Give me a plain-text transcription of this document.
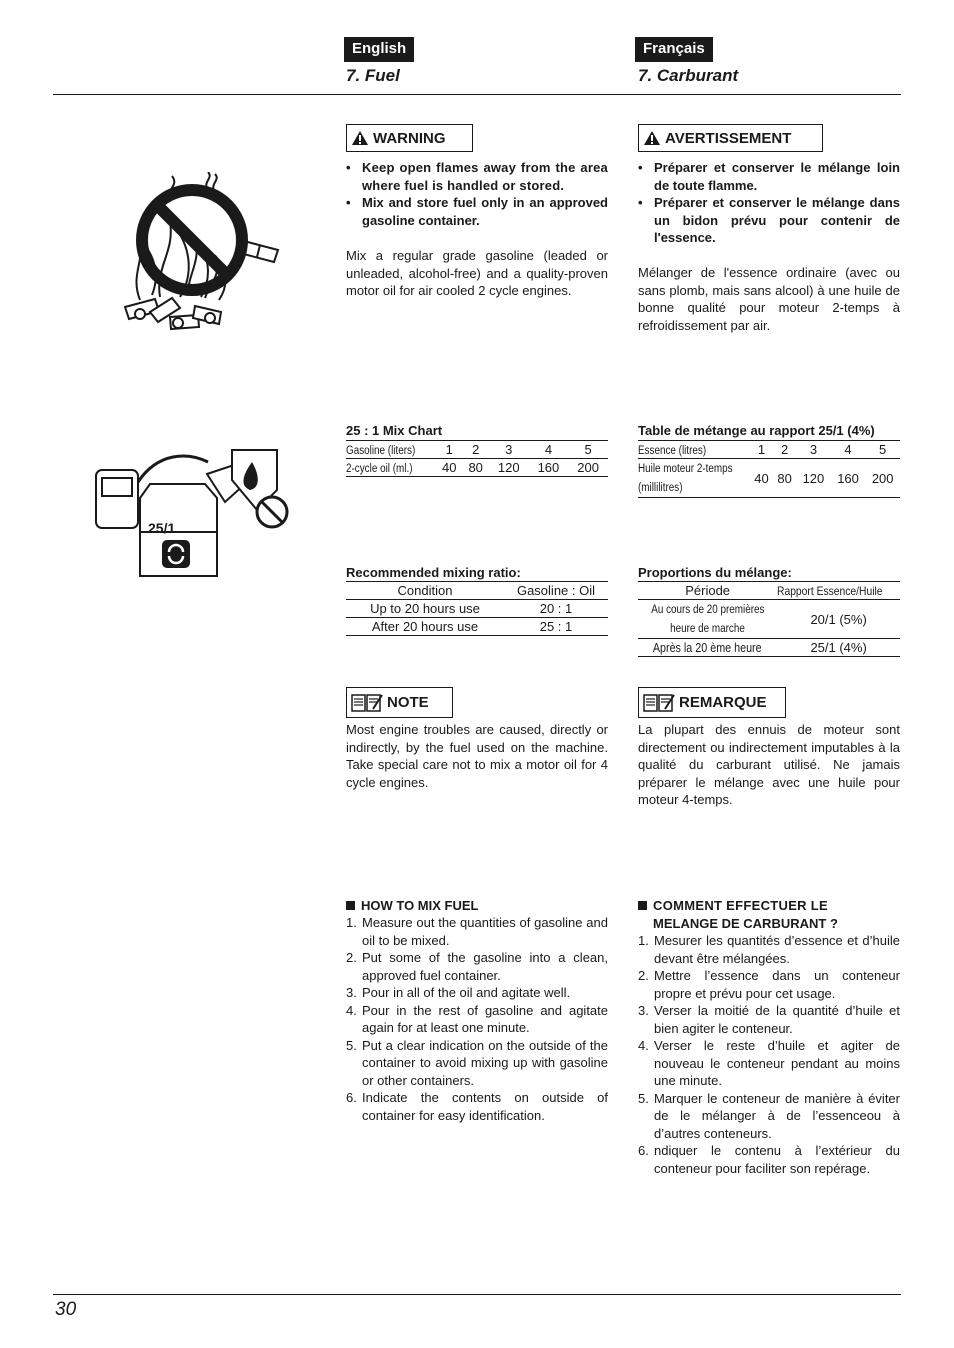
English	Français
7. Fuel	7. Carburant
25/1
WARNING
• Keep open flames away from the area where fuel is handled or stored.
• Mix and store fuel only in an approved gasoline container.
Mix a regular grade gasoline (leaded or unleaded, alcohol-free) and a quality-proven motor oil for air cooled 2 cycle engines.
25 : 1 Mix Chart
Gasoline (liters)	1	2	3	4	5
2-cycle oil (ml.)	40	80	120	160	200
Recommended mixing ratio:
Condition	Gasoline : Oil
Up to 20 hours use	20 : 1
After 20 hours use	25 : 1
NOTE
Most engine troubles are caused, directly or indirectly, by the fuel used on the machine. Take special care not to mix a motor oil for 4 cycle engines.
HOW TO MIX FUEL
1. Measure out the quantities of gasoline and oil to be mixed.
2. Put some of the gasoline into a clean, approved fuel container.
3. Pour in all of the oil and agitate well.
4. Pour in the rest of gasoline and agitate again for at least one minute.
5. Put a clear indication on the outside of the container to avoid mixing up with gasoline or other containers.
6. Indicate the contents on outside of container for easy identification.
AVERTISSEMENT
• Préparer et conserver le mélange loin de toute flamme.
• Préparer et conserver le mélange dans un bidon prévu pour contenir de l'essence.
Mélanger de l'essence ordinaire (avec ou sans plomb, mais sans alcool) à une huile de bonne qualité pour moteur 2-temps à refroidissement par air.
Table de métange au rapport 25/1 (4%)
Essence (litres)	1	2	3	4	5
Huile moteur 2-temps
(millilitres)	40	80	120	160	200
Proportions du mélange:
Période	Rapport Essence/Huile
Au cours de 20 premières
heure de marche	20/1 (5%)
Après la 20 ème heure	25/1 (4%)
REMARQUE
La plupart des ennuis de moteur sont directement ou indirectement imputables à la qualité du carburant utilisé. Ne jamais préparer le mélange avec une huile pour moteur 4-temps.
COMMENT EFFECTUER LE
MELANGE DE CARBURANT ?
1. Mesurer les quantités d’essence et d’huile devant être mélangées.
2. Mettre l’essence dans un conteneur propre et prévu pour cet usage.
3. Verser la moitié de la quantité d’huile et bien agiter le conteneur.
4. Verser le reste d’huile et agiter de nouveau le conteneur pendant au moins une minute.
5. Marquer le conteneur de manière à éviter de le mélanger à de l’essenceou à d’autres conteneurs.
6. ndiquer le contenu à l’extérieur du conteneur pour faciliter son repérage.
30
